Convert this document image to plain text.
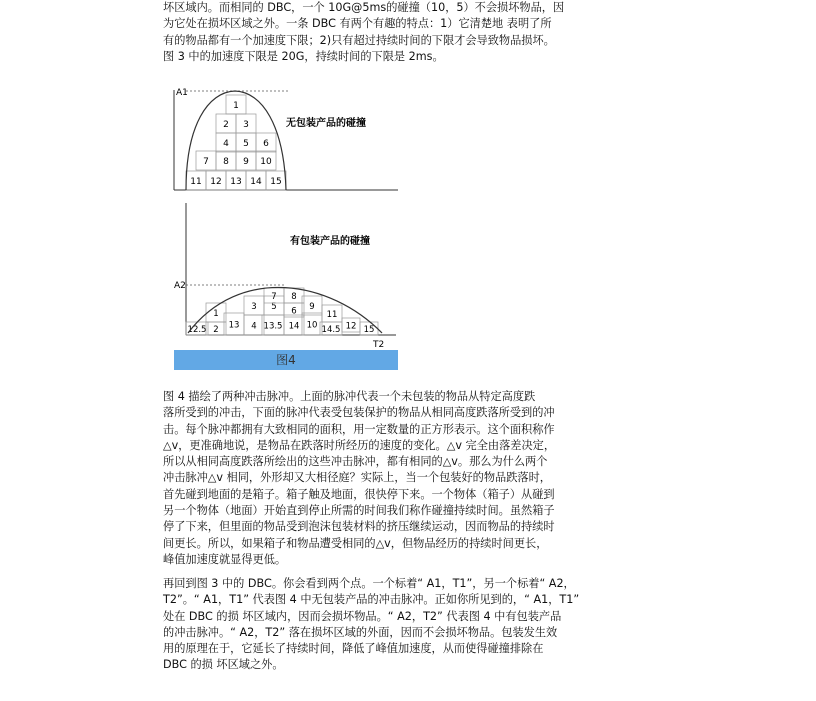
坏区域内。而相同的 DBC，一个 10G@5ms的碰撞（10，5）不会损坏物品，因
为它处在损坏区域之外。一条 DBC 有两个有趣的特点：1）它清楚地 表明了所
有的物品都有一个加速度下限；2)只有超过持续时间的下限才会导致物品损坏。
图 3 中的加速度下限是 20G，持续时间的下限是 2ms。
A1
无包装产品的碰撞
1
2 3
4 5 6
7 8 9 10
11 12 13 14 15
A2
有包装产品的碰撞
T2
12.5
1
2 13
3
4 13.5
5
7
14
6
8
10
9
11
14.5 12 15
图4
图 4 描绘了两种冲击脉冲。上面的脉冲代表一个未包装的物品从特定高度跌
落所受到的冲击，下面的脉冲代表受包装保护的物品从相同高度跌落所受到的冲
击。每个脉冲都拥有大致相同的面积，用一定数量的正方形表示。这个面积称作
△v，更准确地说，是物品在跌落时所经历的速度的变化。△v 完全由落差决定，
所以从相同高度跌落所绘出的这些冲击脉冲，都有相同的△v。那么为什么两个
冲击脉冲△v 相同，外形却又大相径庭？实际上，当一个包装好的物品跌落时，
首先碰到地面的是箱子。箱子触及地面，很快停下来。一个物体（箱子）从碰到
另一个物体（地面）开始直到停止所需的时间我们称作碰撞持续时间。虽然箱子
停了下来，但里面的物品受到泡沫包装材料的挤压继续运动，因而物品的持续时
间更长。所以，如果箱子和物品遭受相同的△v，但物品经历的持续时间更长，
峰值加速度就显得更低。
再回到图 3 中的 DBC。你会看到两个点。一个标着“ A1，T1”，另一个标着“ A2，
T2”。“ A1，T1” 代表图 4 中无包装产品的冲击脉冲。正如你所见到的，“ A1，T1”
处在 DBC 的损 坏区域内，因而会损坏物品。“ A2，T2” 代表图 4 中有包装产品
的冲击脉冲。“ A2，T2” 落在损坏区域的外面，因而不会损坏物品。包装发生效
用的原理在于，它延长了持续时间，降低了峰值加速度，从而使得碰撞排除在
DBC 的损 坏区域之外。
